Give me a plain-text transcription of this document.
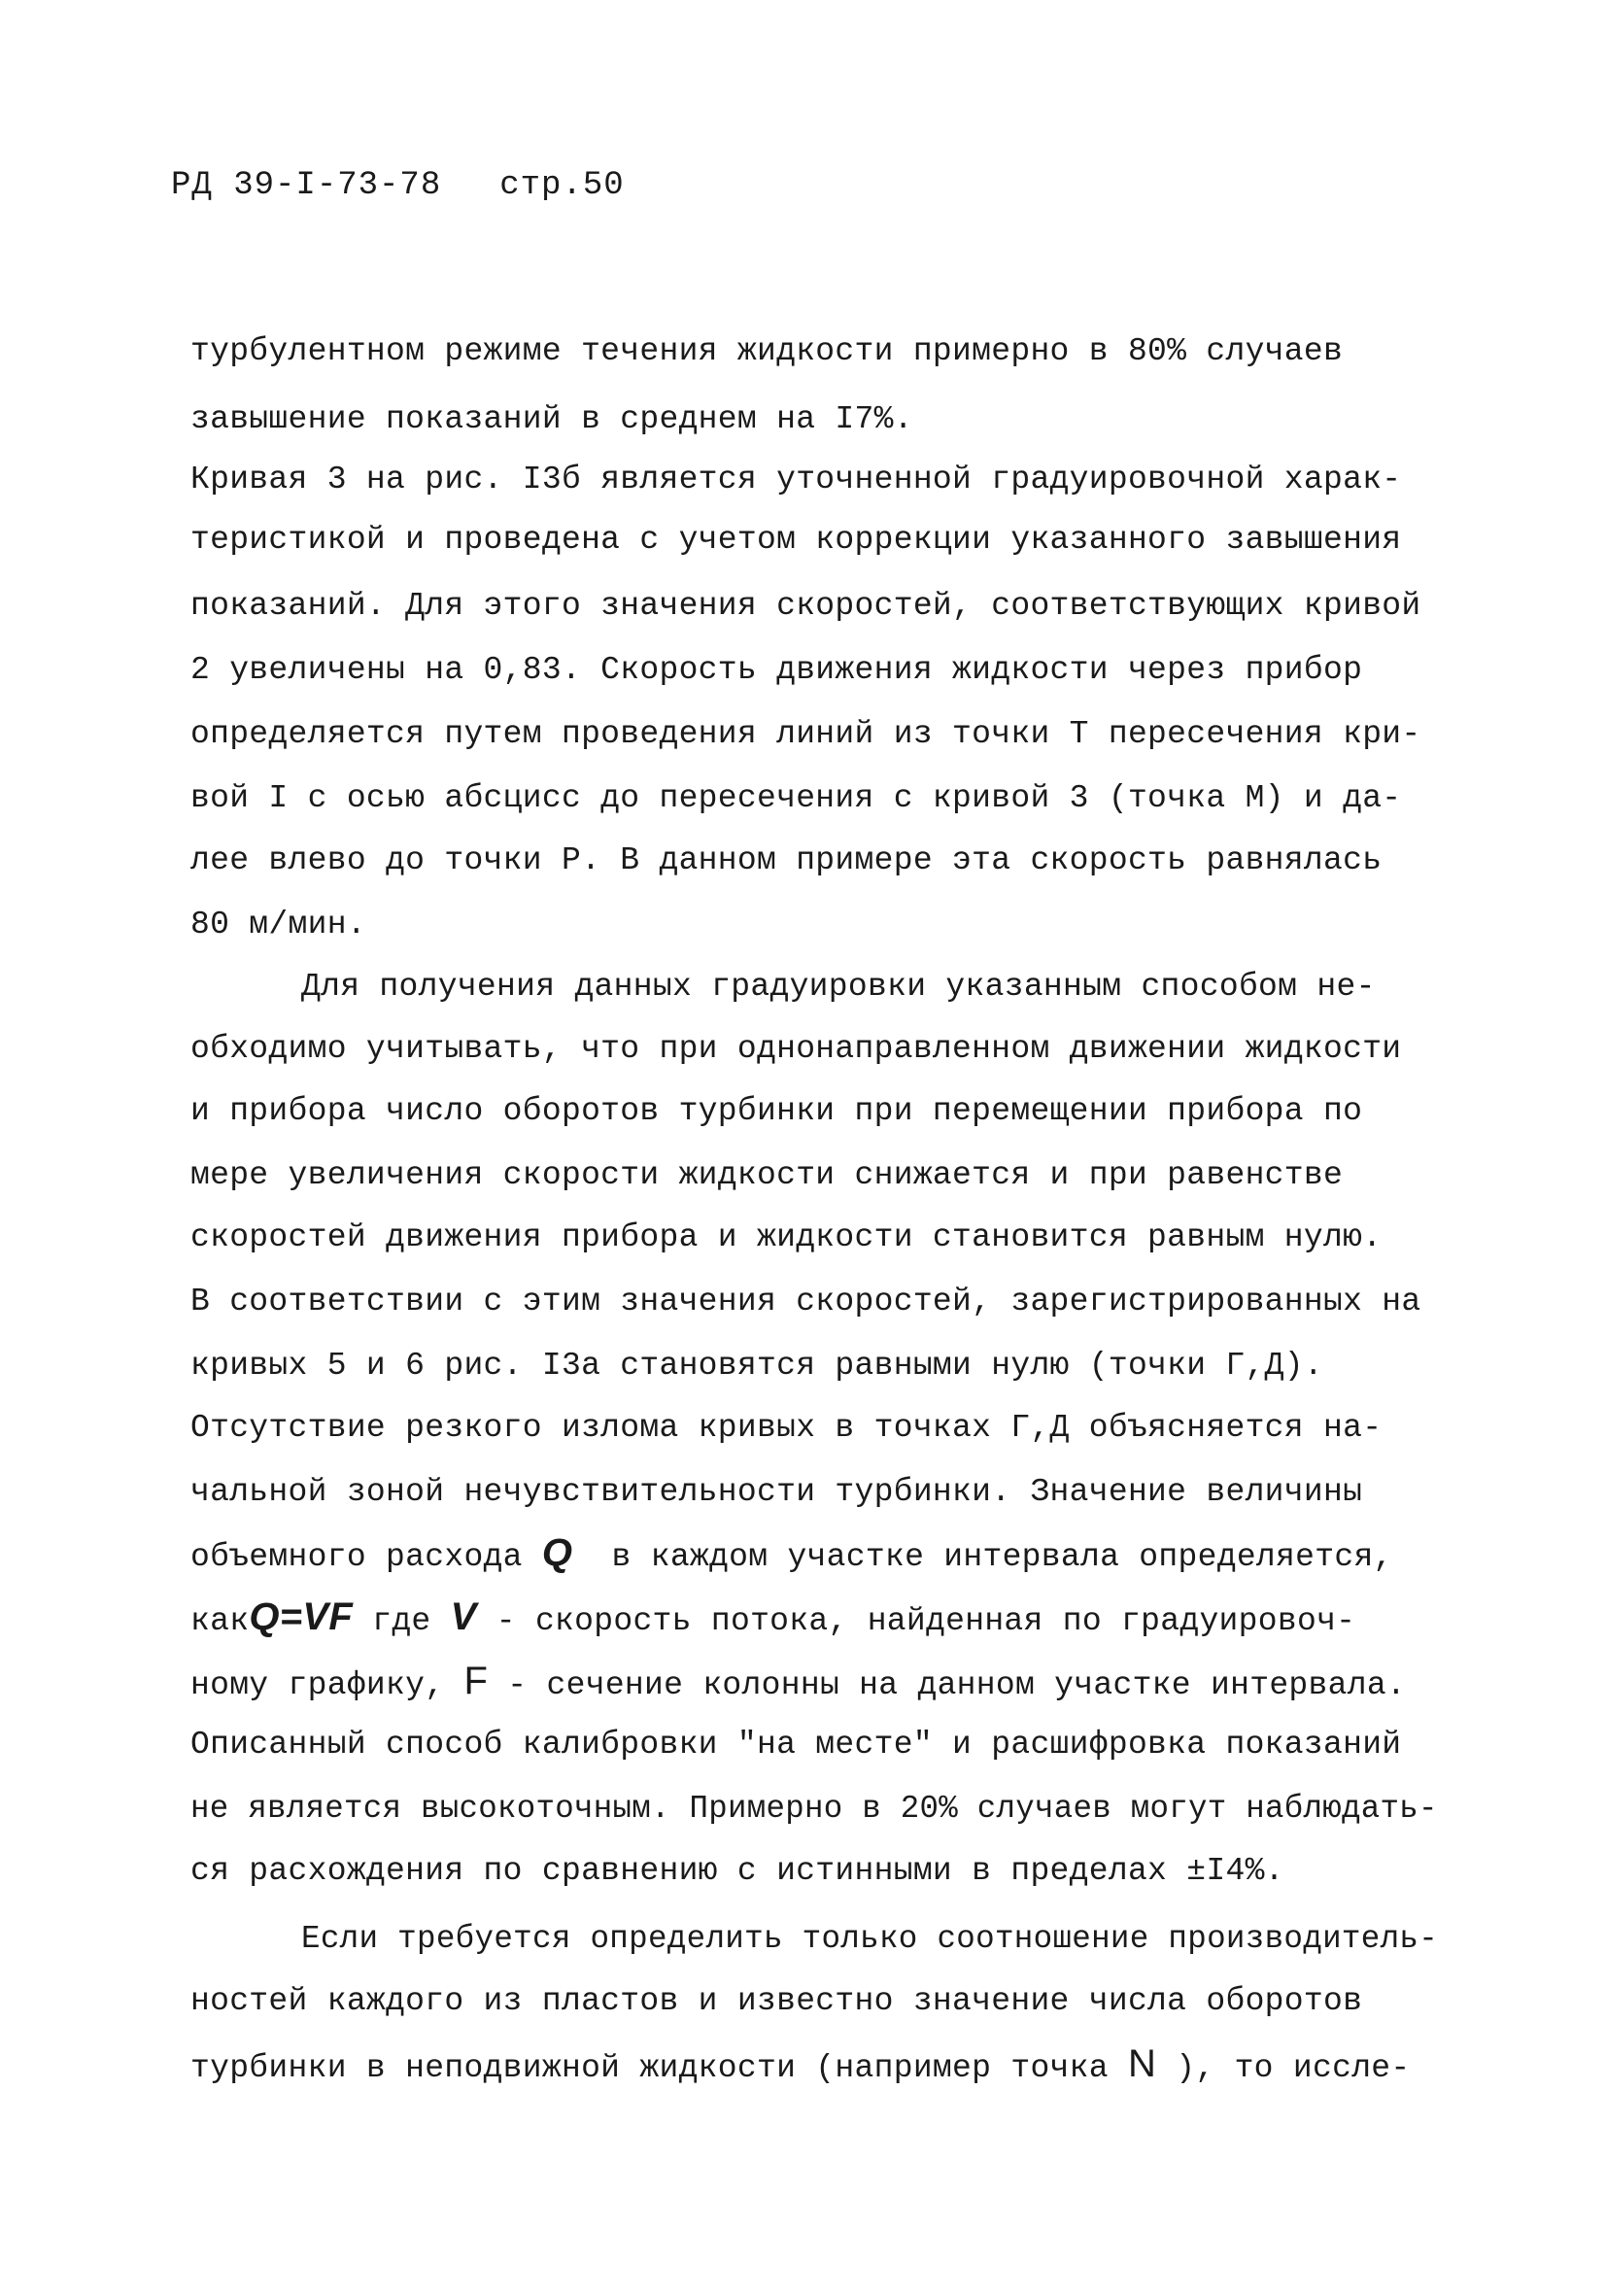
РД 39-I-73-78 стр.50
турбулентном режиме течения жидкости примерно в 80% случаев
завышение показаний в среднем на I7%.
Кривая 3 на рис. I3б является уточненной градуировочной харак-
теристикой и проведена с учетом коррекции указанного завышения
показаний. Для этого значения скоростей, соответствующих кривой
2 увеличены на 0,83. Скорость движения жидкости через прибор
определяется путем проведения линий из точки Т пересечения кри-
вой I с осью абсцисс до пересечения с кривой 3 (точка М) и да-
лее влево до точки Р. В данном примере эта скорость равнялась
80 м/мин.
Для получения данных градуировки указанным способом не-
обходимо учитывать, что при однонаправленном движении жидкости
и прибора число оборотов турбинки при перемещении прибора по
мере увеличения скорости жидкости снижается и при равенстве
скоростей движения прибора и жидкости становится равным нулю.
В соответствии с этим значения скоростей, зарегистрированных на
кривых 5 и 6 рис. I3а становятся равными нулю (точки Г,Д).
Отсутствие резкого излома кривых в точках Г,Д объясняется на-
чальной зоной нечувствительности турбинки. Значение величины
объемного расхода Q в каждом участке интервала определяется,
какQ=VF где V - скорость потока, найденная по градуировоч-
ному графику, F - сечение колонны на данном участке интервала.
Описанный способ калибровки "на месте" и расшифровка показаний
не является высокоточным. Примерно в 20% случаев могут наблюдать-
ся расхождения по сравнению с истинными в пределах ±I4%.
Если требуется определить только соотношение производитель-
ностей каждого из пластов и известно значение числа оборотов
турбинки в неподвижной жидкости (например точка N ), то иссле-
